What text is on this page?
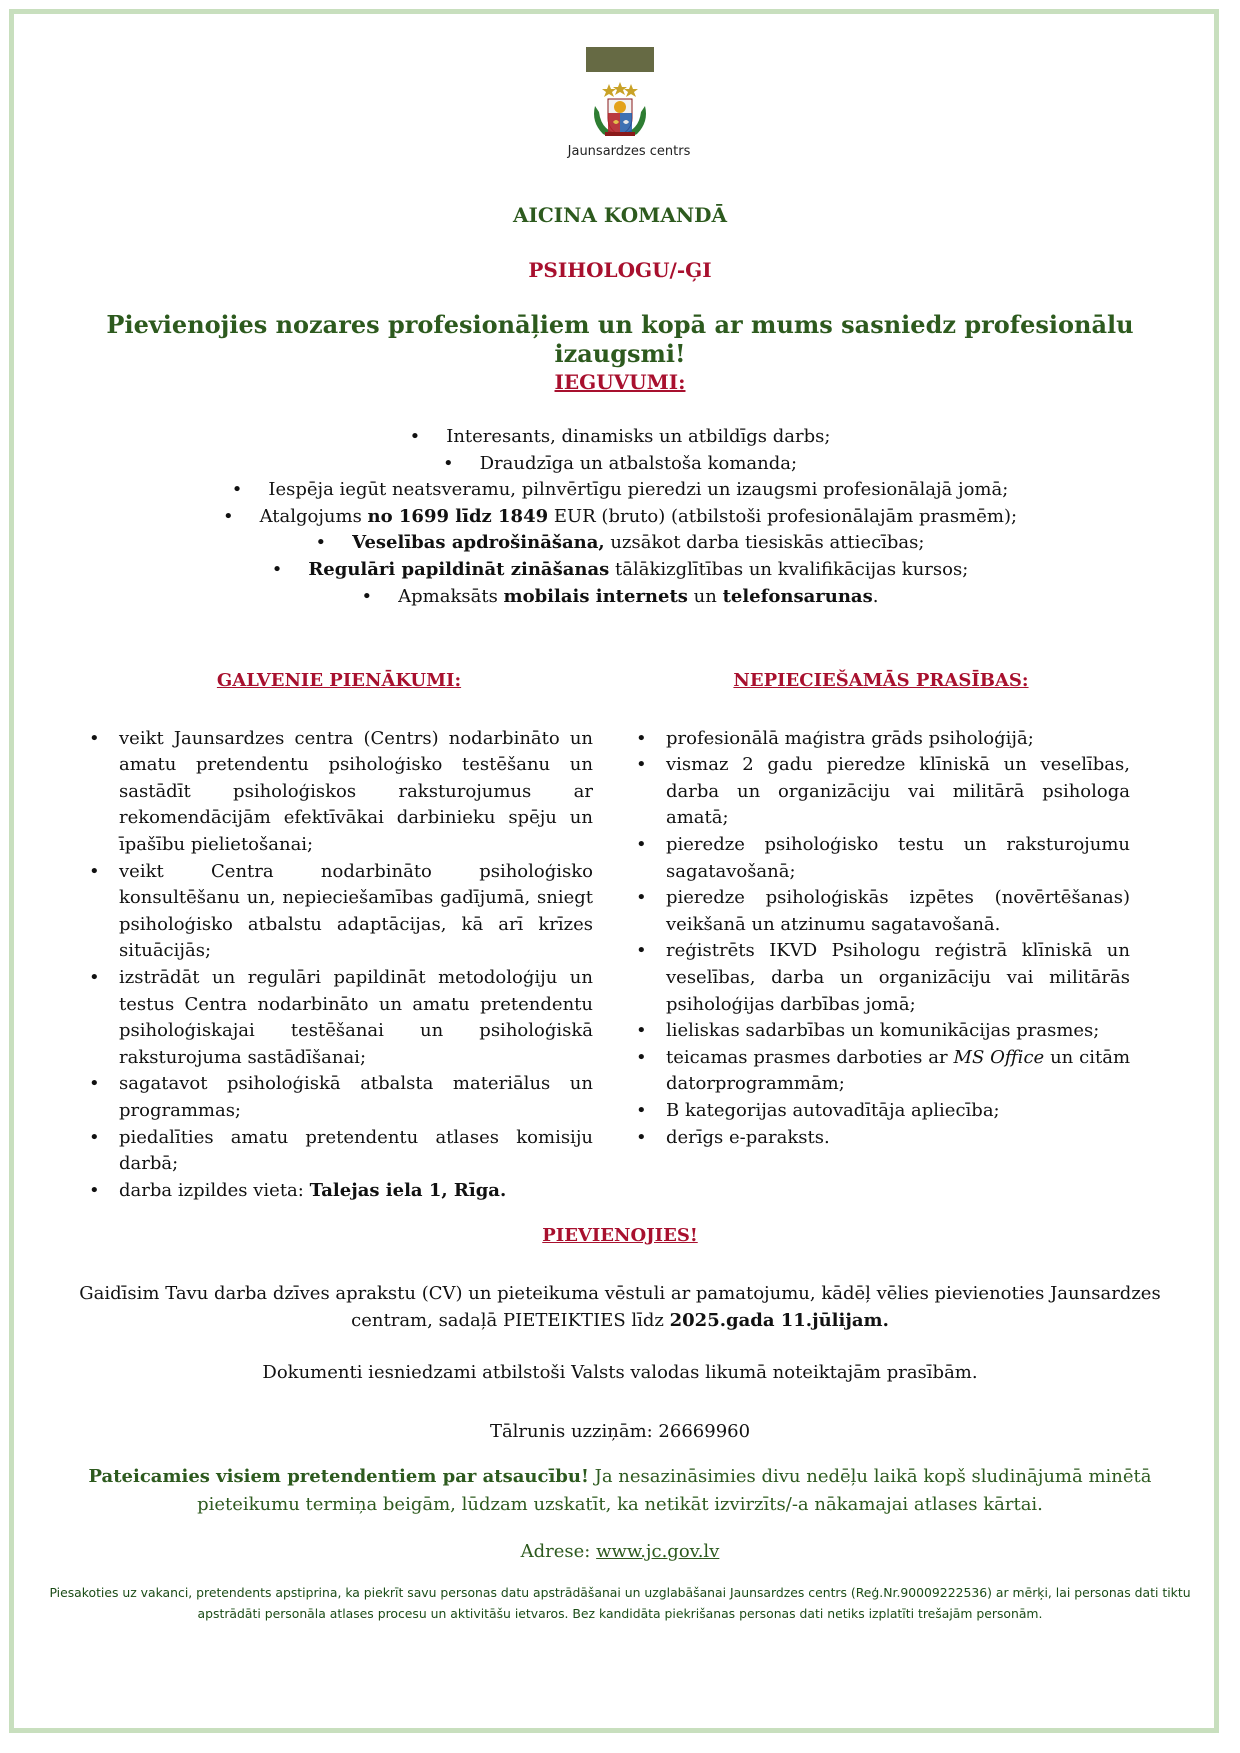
Jaunsardzes centrs
AICINA KOMANDĀ
PSIHOLOGU/-ĢI
Pievienojies nozares profesionāļiem un kopā ar mums sasniedz profesionālu izaugsmi!
IEGUVUMI:
• Interesants, dinamisks un atbildīgs darbs;
• Draudzīga un atbalstoša komanda;
• Iespēja iegūt neatsveramu, pilnvērtīgu pieredzi un izaugsmi profesionālajā jomā;
• Atalgojums no 1699 līdz 1849 EUR (bruto) (atbilstoši profesionālajām prasmēm);
• Veselības apdrošināšana, uzsākot darba tiesiskās attiecības;
• Regulāri papildināt zināšanas tālākizglītības un kvalifikācijas kursos;
• Apmaksāts mobilais internets un telefonsarunas.
GALVENIE PIENĀKUMI:
• veikt Jaunsardzes centra (Centrs) nodarbināto un amatu pretendentu psiholoģisko testēšanu un sastādīt psiholoģiskos raksturojumus ar rekomendācijām efektīvākai darbinieku spēju un īpašību pielietošanai;
• veikt Centra nodarbināto psiholoģisko konsultēšanu un, nepieciešamības gadījumā, sniegt psiholoģisko atbalstu adaptācijas, kā arī krīzes situācijās;
• izstrādāt un regulāri papildināt metodoloģiju un testus Centra nodarbināto un amatu pretendentu psiholoģiskajai testēšanai un psiholoģiskā raksturojuma sastādīšanai;
• sagatavot psiholoģiskā atbalsta materiālus un programmas;
• piedalīties amatu pretendentu atlases komisiju darbā;
• darba izpildes vieta: Talejas iela 1, Rīga.
NEPIECIEŠAMĀS PRASĪBAS:
• profesionālā maģistra grāds psiholoģijā;
• vismaz 2 gadu pieredze klīniskā un veselības, darba un organizāciju vai militārā psihologa amatā;
• pieredze psiholoģisko testu un raksturojumu sagatavošanā;
• pieredze psiholoģiskās izpētes (novērtēšanas) veikšanā un atzinumu sagatavošanā.
• reģistrēts IKVD Psihologu reģistrā klīniskā un veselības, darba un organizāciju vai militārās psiholoģijas darbības jomā;
• lieliskas sadarbības un komunikācijas prasmes;
• teicamas prasmes darboties ar MS Office un citām datorprogrammām;
• B kategorijas autovadītāja apliecība;
• derīgs e-paraksts.
PIEVIENOJIES!
Gaidīsim Tavu darba dzīves aprakstu (CV) un pieteikuma vēstuli ar pamatojumu, kādēļ vēlies pievienoties Jaunsardzes centram, sadaļā PIETEIKTIES līdz 2025.gada 11.jūlijam.
Dokumenti iesniedzami atbilstoši Valsts valodas likumā noteiktajām prasībām.
Tālrunis uzziņām: 26669960
Pateicamies visiem pretendentiem par atsaucību! Ja nesazināsimies divu nedēļu laikā kopš sludinājumā minētā pieteikumu termiņa beigām, lūdzam uzskatīt, ka netikāt izvirzīts/-a nākamajai atlases kārtai.
Adrese: www.jc.gov.lv
Piesakoties uz vakanci, pretendents apstiprina, ka piekrīt savu personas datu apstrādāšanai un uzglabāšanai Jaunsardzes centrs (Reģ.Nr.90009222536) ar mērķi, lai personas dati tiktu apstrādāti personāla atlases procesu un aktivitāšu ietvaros. Bez kandidāta piekrišanas personas dati netiks izplatīti trešajām personām.
